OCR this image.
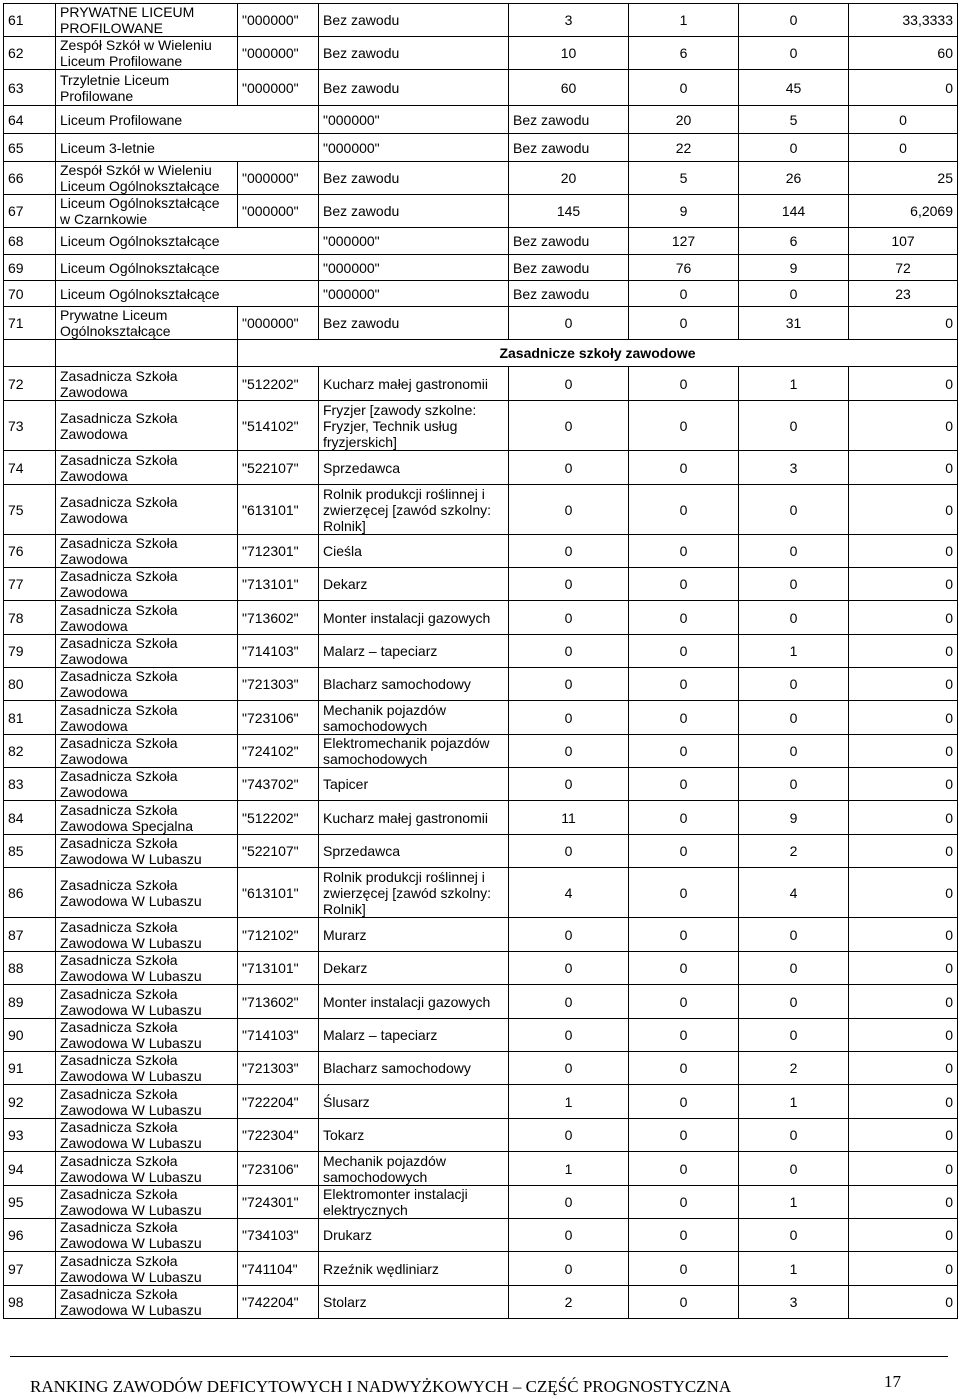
61	PRYWATNE LICEUM PROFILOWANE	"000000"	Bez zawodu	3	1	0	33,3333	
62	Zespół Szkół w Wieleniu Liceum Profilowane	"000000"	Bez zawodu	10	6	0	60	
63	Trzyletnie Liceum Profilowane	"000000"	Bez zawodu	60	0	45	0	
64	Liceum Profilowane		"000000"	Bez zawodu	20	5	0	
65	Liceum 3-letnie		"000000"	Bez zawodu	22	0	0	
66	Zespół Szkół w Wieleniu Liceum Ogólnokształcące	"000000"	Bez zawodu	20	5	26	25	
67	Liceum Ogólnokształcące w Czarnkowie	"000000"	Bez zawodu	145	9	144	6,2069	
68	Liceum Ogólnokształcące		"000000"	Bez zawodu	127	6	107	
69	Liceum Ogólnokształcące		"000000"	Bez zawodu	76	9	72	
70	Liceum Ogólnokształcące		"000000"	Bez zawodu	0	0	23	
71	Prywatne Liceum Ogólnokształcące	"000000"	Bez zawodu	0	0	31	0	
		Zasadnicze szkoły zawodowe						
72	Zasadnicza Szkoła Zawodowa	"512202"	Kucharz małej gastronomii	0	0	1	0	
73	Zasadnicza Szkoła Zawodowa	"514102"	Fryzjer [zawody szkolne: Fryzjer, Technik usług fryzjerskich]	0	0	0	0	
74	Zasadnicza Szkoła Zawodowa	"522107"	Sprzedawca	0	0	3	0	
75	Zasadnicza Szkoła Zawodowa	"613101"	Rolnik produkcji roślinnej i zwierzęcej [zawód szkolny: Rolnik]	0	0	0	0	
76	Zasadnicza Szkoła Zawodowa	"712301"	Cieśla	0	0	0	0	
77	Zasadnicza Szkoła Zawodowa	"713101"	Dekarz	0	0	0	0	
78	Zasadnicza Szkoła Zawodowa	"713602"	Monter instalacji gazowych	0	0	0	0	
79	Zasadnicza Szkoła Zawodowa	"714103"	Malarz – tapeciarz	0	0	1	0	
80	Zasadnicza Szkoła Zawodowa	"721303"	Blacharz samochodowy	0	0	0	0	
81	Zasadnicza Szkoła Zawodowa	"723106"	Mechanik pojazdów samochodowych	0	0	0	0	
82	Zasadnicza Szkoła Zawodowa	"724102"	Elektromechanik pojazdów samochodowych	0	0	0	0	
83	Zasadnicza Szkoła Zawodowa	"743702"	Tapicer	0	0	0	0	
84	Zasadnicza Szkoła Zawodowa Specjalna	"512202"	Kucharz małej gastronomii	11	0	9	0	
85	Zasadnicza Szkoła Zawodowa W Lubaszu	"522107"	Sprzedawca	0	0	2	0	
86	Zasadnicza Szkoła Zawodowa W Lubaszu	"613101"	Rolnik produkcji roślinnej i zwierzęcej [zawód szkolny: Rolnik]	4	0	4	0	
87	Zasadnicza Szkoła Zawodowa W Lubaszu	"712102"	Murarz	0	0	0	0	
88	Zasadnicza Szkoła Zawodowa W Lubaszu	"713101"	Dekarz	0	0	0	0	
89	Zasadnicza Szkoła Zawodowa W Lubaszu	"713602"	Monter instalacji gazowych	0	0	0	0	
90	Zasadnicza Szkoła Zawodowa W Lubaszu	"714103"	Malarz – tapeciarz	0	0	0	0	
91	Zasadnicza Szkoła Zawodowa W Lubaszu	"721303"	Blacharz samochodowy	0	0	2	0	
92	Zasadnicza Szkoła Zawodowa W Lubaszu	"722204"	Ślusarz	1	0	1	0	
93	Zasadnicza Szkoła Zawodowa W Lubaszu	"722304"	Tokarz	0	0	0	0	
94	Zasadnicza Szkoła Zawodowa W Lubaszu	"723106"	Mechanik pojazdów samochodowych	1	0	0	0	
95	Zasadnicza Szkoła Zawodowa W Lubaszu	"724301"	Elektromonter instalacji elektrycznych	0	0	1	0	
96	Zasadnicza Szkoła Zawodowa W Lubaszu	"734103"	Drukarz	0	0	0	0	
97	Zasadnicza Szkoła Zawodowa W Lubaszu	"741104"	Rzeźnik wędliniarz	0	0	1	0	
98	Zasadnicza Szkoła Zawodowa W Lubaszu	"742204"	Stolarz	2	0	3	0	
RANKING ZAWODÓW DEFICYTOWYCH I NADWYŻKOWYCH – CZĘŚĆ PROGNOSTYCZNA	17
